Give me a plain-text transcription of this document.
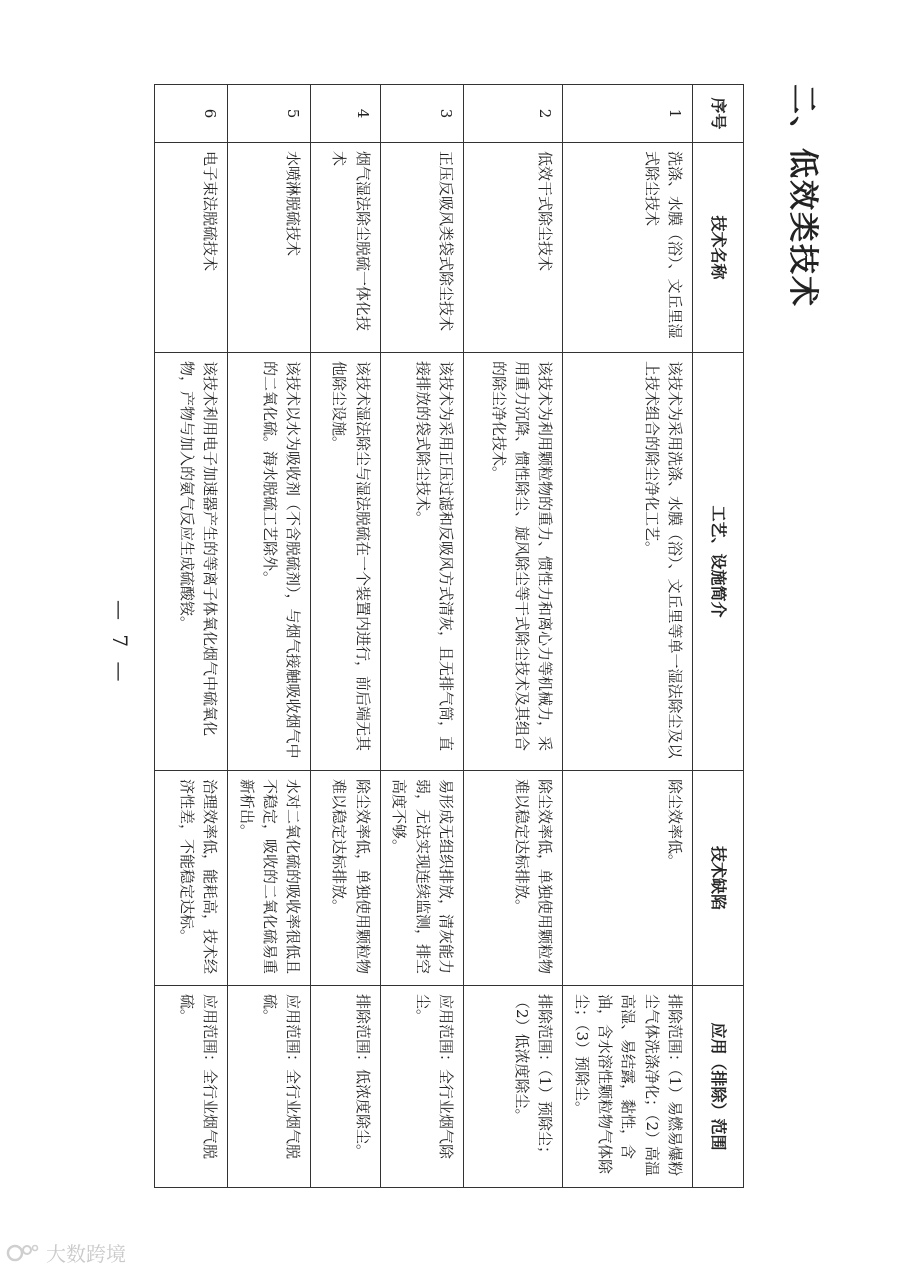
二、低效类技术
序号	技术名称	工艺、设施简介	技术缺陷	应用（排除）范围
1	洗涤、水膜（浴）、文丘里湿式除尘技术	该技术为采用洗涤、水膜（浴）、文丘里等单一湿法除尘及以上技术组合的除尘净化工艺。	除尘效率低。	排除范围：（1）易燃易爆粉尘气体洗涤净化；（2）高温高湿、易结露，黏性，含油，含水溶性颗粒物气体除尘；（3）预除尘。
2	低效干式除尘技术	该技术为利用颗粒物的重力、惯性力和离心力等机械力，采用重力沉降、惯性除尘、旋风除尘等干式除尘技术及其组合的除尘净化技术。	除尘效率低，单独使用颗粒物难以稳定达标排放。	排除范围：（1）预除尘；（2）低浓度除尘。
3	正压反吸风类袋式除尘技术	该技术为采用正压过滤和反吸风方式清灰，且无排气筒，直接排放的袋式除尘技术。	易形成无组织排放，清灰能力弱，无法实现连续监测，排空高度不够。	应用范围：全行业烟气除尘。
4	烟气湿法除尘脱硫一体化技术	该技术湿法除尘与湿法脱硫在一个装置内进行，前后端无其他除尘设施。	除尘效率低，单独使用颗粒物难以稳定达标排放。	排除范围：低浓度除尘。
5	水喷淋脱硫技术	该技术以水为吸收剂（不含脱硫剂），与烟气接触吸收烟气中的二氧化硫。海水脱硫工艺除外。	水对二氧化硫的吸收率很低且不稳定，吸收的二氧化硫易重新析出。	应用范围：全行业烟气脱硫。
6	电子束法脱硫技术	该技术利用电子加速器产生的等离子体氧化烟气中硫氧化物，产物与加入的氨气反应生成硫酸铵。	治理效率低，能耗高，技术经济性差，不能稳定达标。	应用范围：全行业烟气脱硫。
— 7 —
大数跨境
